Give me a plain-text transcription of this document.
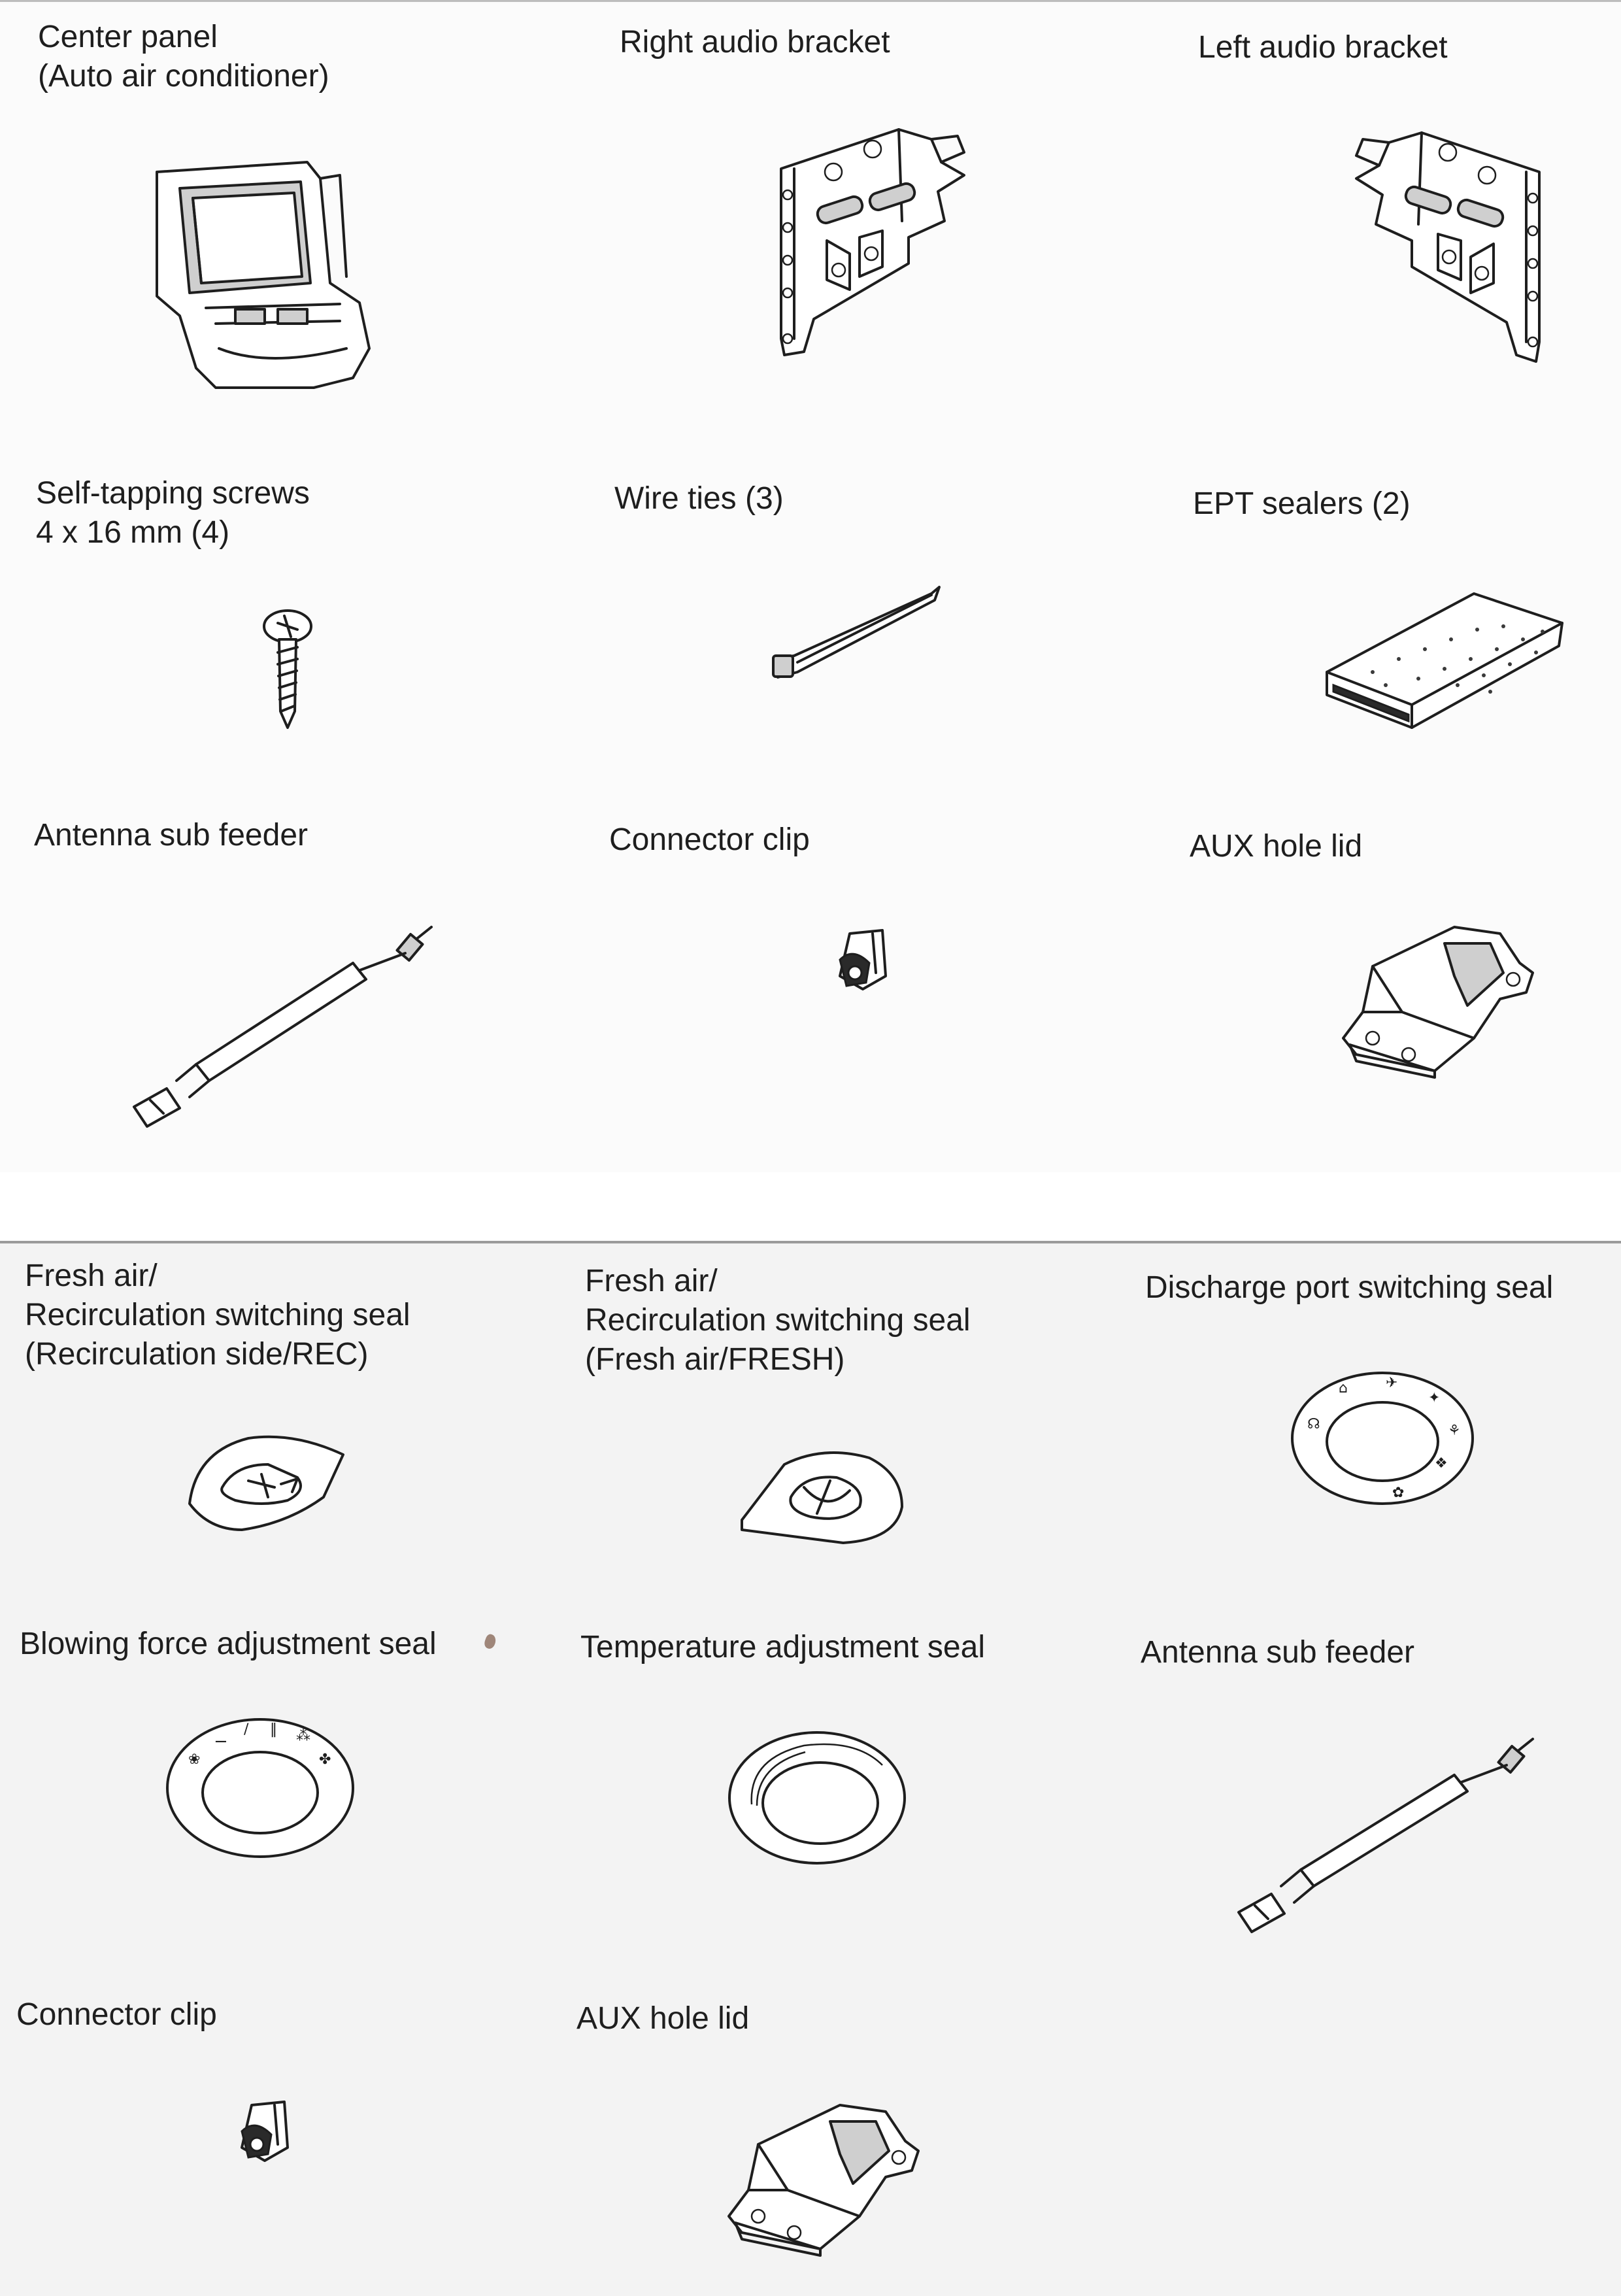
Center panel
(Auto air conditioner)
Right audio bracket	Left audio bracket
Self-tapping screws
4 x 16 mm (4)
Wire ties (3)	EPT sealers (2)
Antenna sub feeder	Connector clip	AUX hole lid
Fresh air/
Recirculation switching seal
(Recirculation side/REC)
Fresh air/
Recirculation switching seal
(Fresh air/FRESH)
Discharge port switching seal
☊
⌂	✈
✦
⚘
❖
✿
Blowing force adjustment seal
❀
⚊
/ ‖ ⁂
✤
Temperature adjustment seal	Antenna sub feeder
Connector clip	AUX hole lid
